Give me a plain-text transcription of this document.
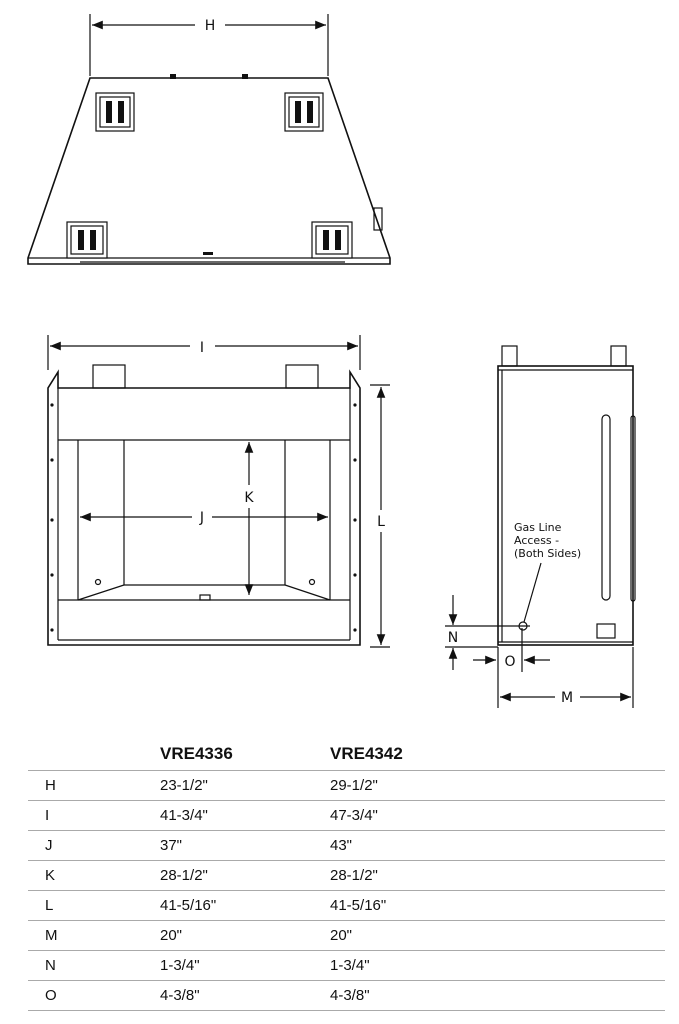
H
I
J
K
L
M
N
O
Gas Line
Access -
(Both Sides)
	VRE4336	VRE4342
H	23-1/2"	29-1/2"
I	41-3/4"	47-3/4"
J	37"	43"
K	28-1/2"	28-1/2"
L	41-5/16"	41-5/16"
M	20"	20"
N	1-3/4"	1-3/4"
O	4-3/8"	4-3/8"
